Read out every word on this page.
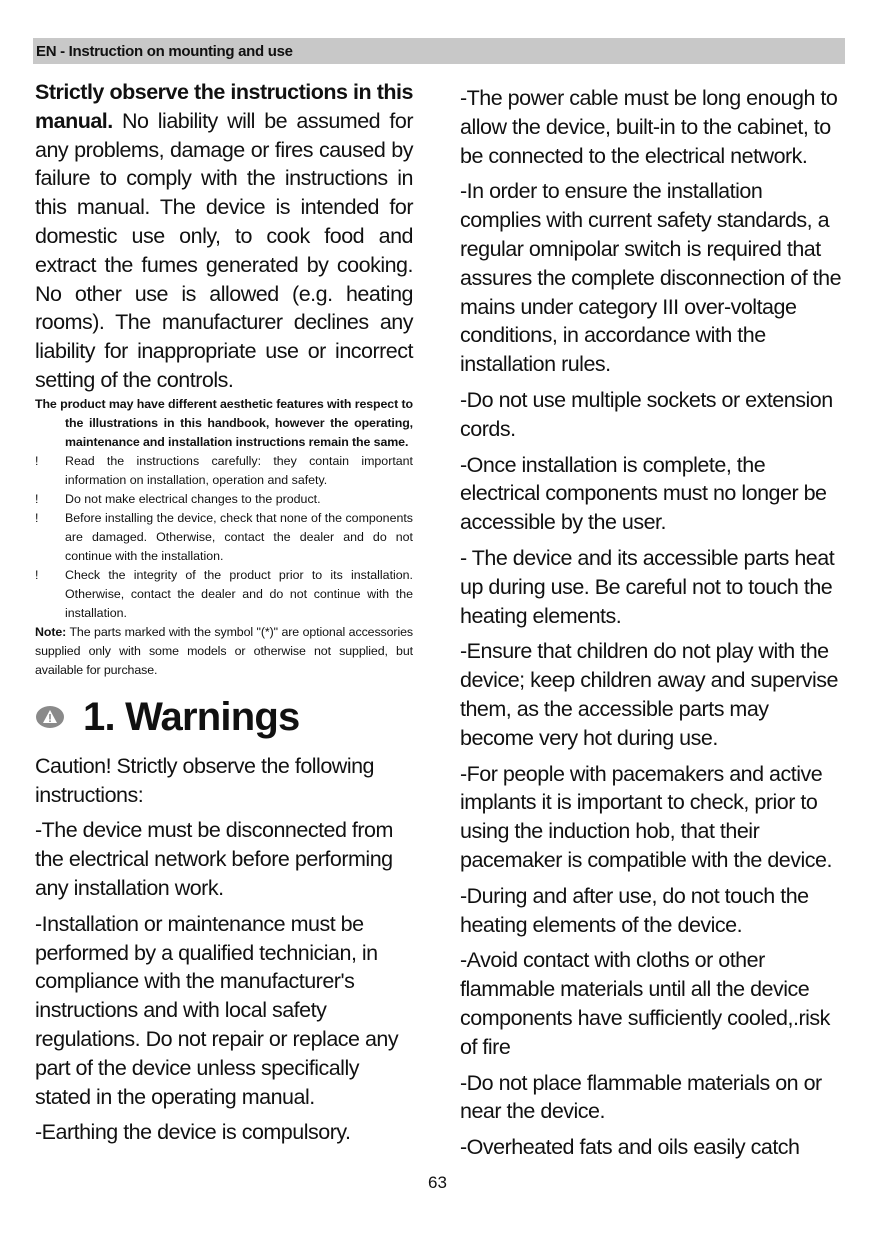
EN - Instruction on mounting and use

Strictly observe the instructions in this manual. No liability will be assumed for any problems, damage or fires caused by failure to comply with the instructions in this manual. The device is intended for domestic use only, to cook food and extract the fumes generated by cooking. No other use is allowed (e.g. heating rooms). The manufacturer declines any liability for inappropriate use or incorrect setting of the controls.

The product may have different aesthetic features with respect to the illustrations in this handbook, however the operating, maintenance and installation instructions remain the same.

!	Read the instructions carefully: they contain important information on installation, operation and safety.
!	Do not make electrical changes to the product.
!	Before installing the device, check that none of the components are damaged. Otherwise, contact the dealer and do not continue with the installation.
!	Check the integrity of the product prior to its installation. Otherwise, contact the dealer and do not continue with the installation.

Note: The parts marked with the symbol "(*)" are optional accessories supplied only with some models or otherwise not supplied, but available for purchase.

1. Warnings

Caution! Strictly observe the following instructions:

-The device must be disconnected from the electrical network before performing any installation work.

-Installation or maintenance must be performed by a qualified technician, in compliance with the manufacturer's instructions and with local safety regulations. Do not repair or replace any part of the device unless specifically stated in the operating manual.

-Earthing the device is compulsory.

-The power cable must be long enough to allow the device, built-in to the cabinet, to be connected to the electrical network.

-In order to ensure the installation complies with current safety standards, a regular omnipolar switch is required that assures the complete disconnection of the mains under category III over-voltage conditions, in accordance with the installation rules.

-Do not use multiple sockets or extension cords.

-Once installation is complete, the electrical components must no longer be accessible by the user.

- The device and its accessible parts heat up during use. Be careful not to touch the heating elements.

-Ensure that children do not play with the device; keep children away and supervise them, as the accessible parts may become very hot during use.

-For people with pacemakers and active implants it is important to check, prior to using the induction hob, that their pacemaker is compatible with the device.

-During and after use, do not touch the heating elements of the device.

-Avoid contact with cloths or other flammable materials until all the device components have sufficiently cooled,.risk of fire

-Do not place flammable materials on or near the device.

-Overheated fats and oils easily catch

63
